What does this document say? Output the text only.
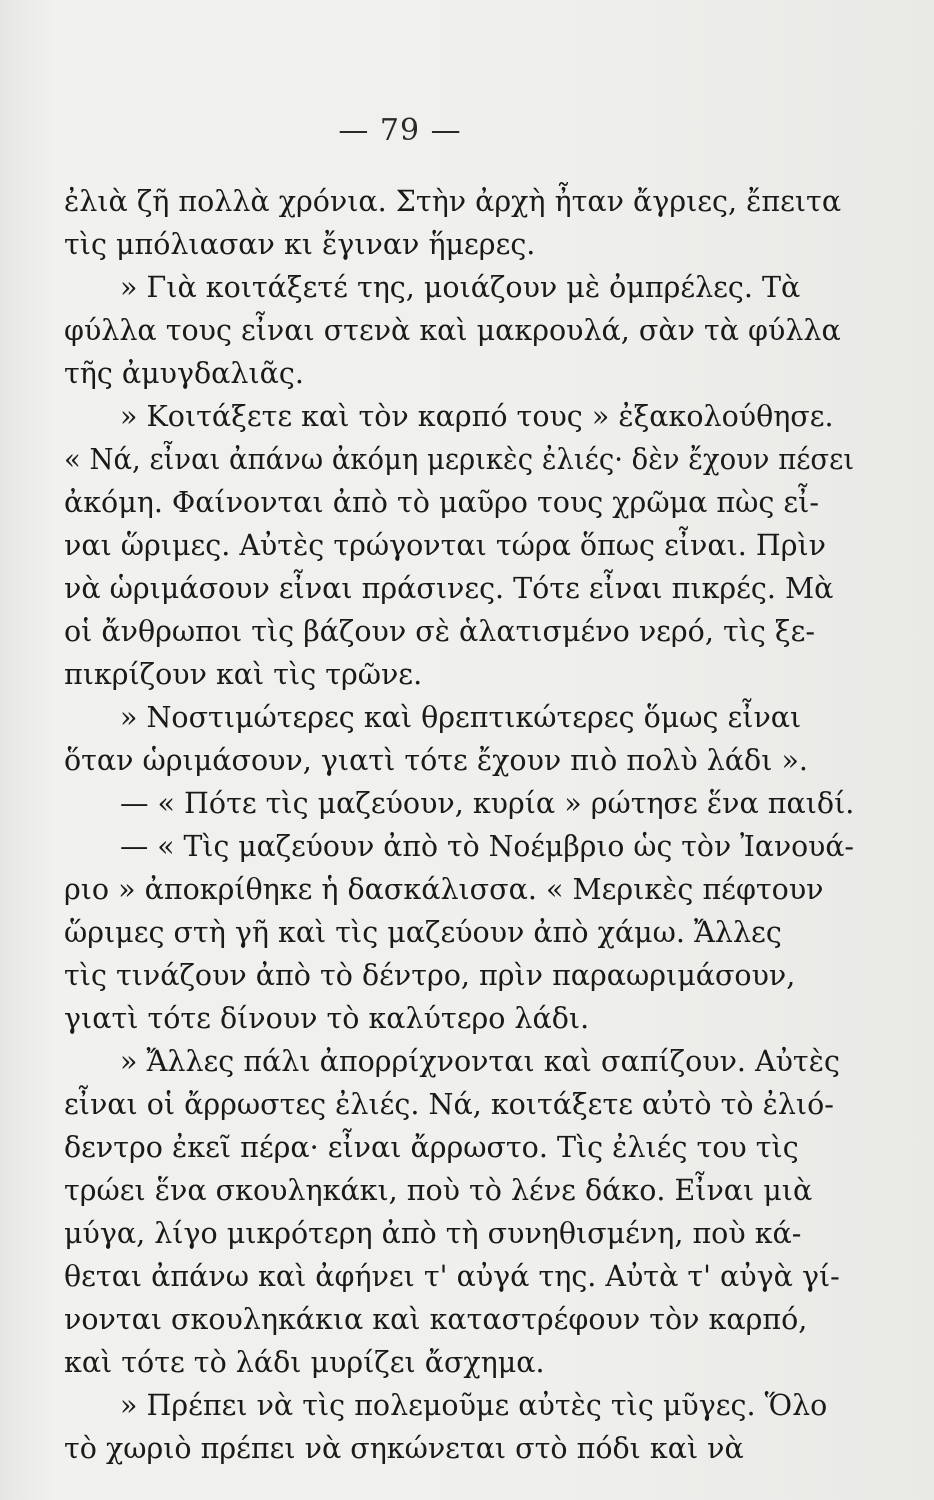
— 79 —
ἐλιὰ ζῆ πολλὰ χρόνια. Στὴν ἀρχὴ ἦταν ἄγριες, ἔπειτα
τὶς μπόλιασαν κι ἔγιναν ἥμερες.
» Γιὰ κοιτάξετέ της, μοιάζουν μὲ ὀμπρέλες. Τὰ
φύλλα τους εἶναι στενὰ καὶ μακρουλά, σὰν τὰ φύλλα
τῆς ἀμυγδαλιᾶς.
» Κοιτάξετε καὶ τὸν καρπό τους » ἐξακολούθησε.
« Νά, εἶναι ἀπάνω ἀκόμη μερικὲς ἐλιές· δὲν ἔχουν πέσει
ἀκόμη. Φαίνονται ἀπὸ τὸ μαῦρο τους χρῶμα πὼς εἶ-
ναι ὥριμες. Αὐτὲς τρώγονται τώρα ὅπως εἶναι. Πρὶν
νὰ ὡριμάσουν εἶναι πράσινες. Τότε εἶναι πικρές. Μὰ
οἱ ἄνθρωποι τὶς βάζουν σὲ ἁλατισμένο νερό, τὶς ξε-
πικρίζουν καὶ τὶς τρῶνε.
» Νοστιμώτερες καὶ θρεπτικώτερες ὅμως εἶναι
ὅταν ὡριμάσουν, γιατὶ τότε ἔχουν πιὸ πολὺ λάδι ».
— « Πότε τὶς μαζεύουν, κυρία » ρώτησε ἕνα παιδί.
— « Τὶς μαζεύουν ἀπὸ τὸ Νοέμβριο ὡς τὸν Ἰανουά-
ριο » ἀποκρίθηκε ἡ δασκάλισσα. « Μερικὲς πέφτουν
ὥριμες στὴ γῆ καὶ τὶς μαζεύουν ἀπὸ χάμω. Ἄλλες
τὶς τινάζουν ἀπὸ τὸ δέντρο, πρὶν παραωριμάσουν,
γιατὶ τότε δίνουν τὸ καλύτερο λάδι.
» Ἄλλες πάλι ἀπορρίχνονται καὶ σαπίζουν. Αὐτὲς
εἶναι οἱ ἄρρωστες ἐλιές. Νά, κοιτάξετε αὐτὸ τὸ ἐλιό-
δεντρο ἐκεῖ πέρα· εἶναι ἄρρωστο. Τὶς ἐλιές του τὶς
τρώει ἕνα σκουληκάκι, ποὺ τὸ λένε δάκο. Εἶναι μιὰ
μύγα, λίγο μικρότερη ἀπὸ τὴ συνηθισμένη, ποὺ κά-
θεται ἀπάνω καὶ ἀφήνει τ' αὐγά της. Αὐτὰ τ' αὐγὰ γί-
νονται σκουληκάκια καὶ καταστρέφουν τὸν καρπό,
καὶ τότε τὸ λάδι μυρίζει ἄσχημα.
» Πρέπει νὰ τὶς πολεμοῦμε αὐτὲς τὶς μῦγες. Ὅλο
τὸ χωριὸ πρέπει νὰ σηκώνεται στὸ πόδι καὶ νὰ
